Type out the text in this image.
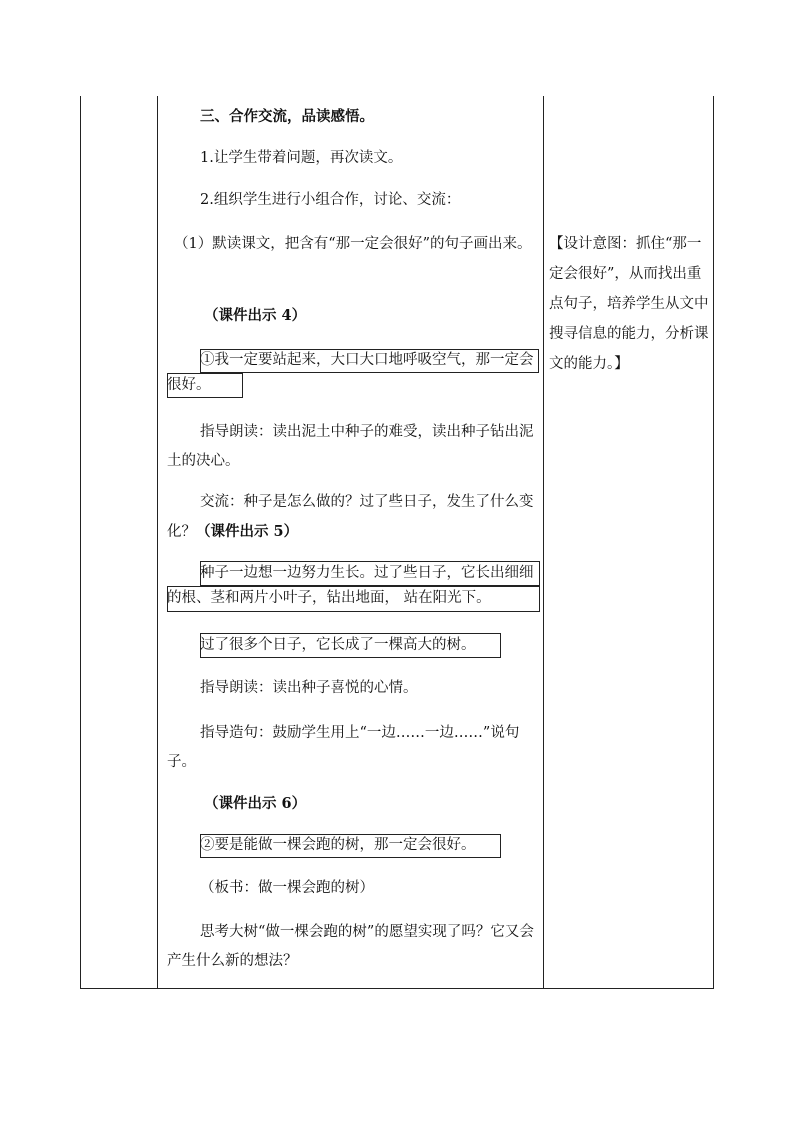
三、合作交流，品读感悟。

1.让学生带着问题，再次读文。

2.组织学生进行小组合作，讨论、交流：

（1）默读课文，把含有“那一定会很好”的句子画出来。

（课件出示 4）

①我一定要站起来，大口大口地呼吸空气，那一定会很好。

指导朗读：读出泥土中种子的难受，读出种子钻出泥土的决心。

交流：种子是怎么做的？过了些日子，发生了什么变化？（课件出示 5）

种子一边想一边努力生长。过了些日子，它长出细细的根、茎和两片小叶子，钻出地面， 站在阳光下。

过了很多个日子，它长成了一棵高大的树。

指导朗读：读出种子喜悦的心情。

指导造句：鼓励学生用上“一边……一边……”说句子。

（课件出示 6）

②要是能做一棵会跑的树，那一定会很好。

（板书：做一棵会跑的树）

思考大树“做一棵会跑的树”的愿望实现了吗？它又会产生什么新的想法？

【设计意图：抓住“那一定会很好”，从而找出重点句子，培养学生从文中搜寻信息的能力，分析课文的能力。】
